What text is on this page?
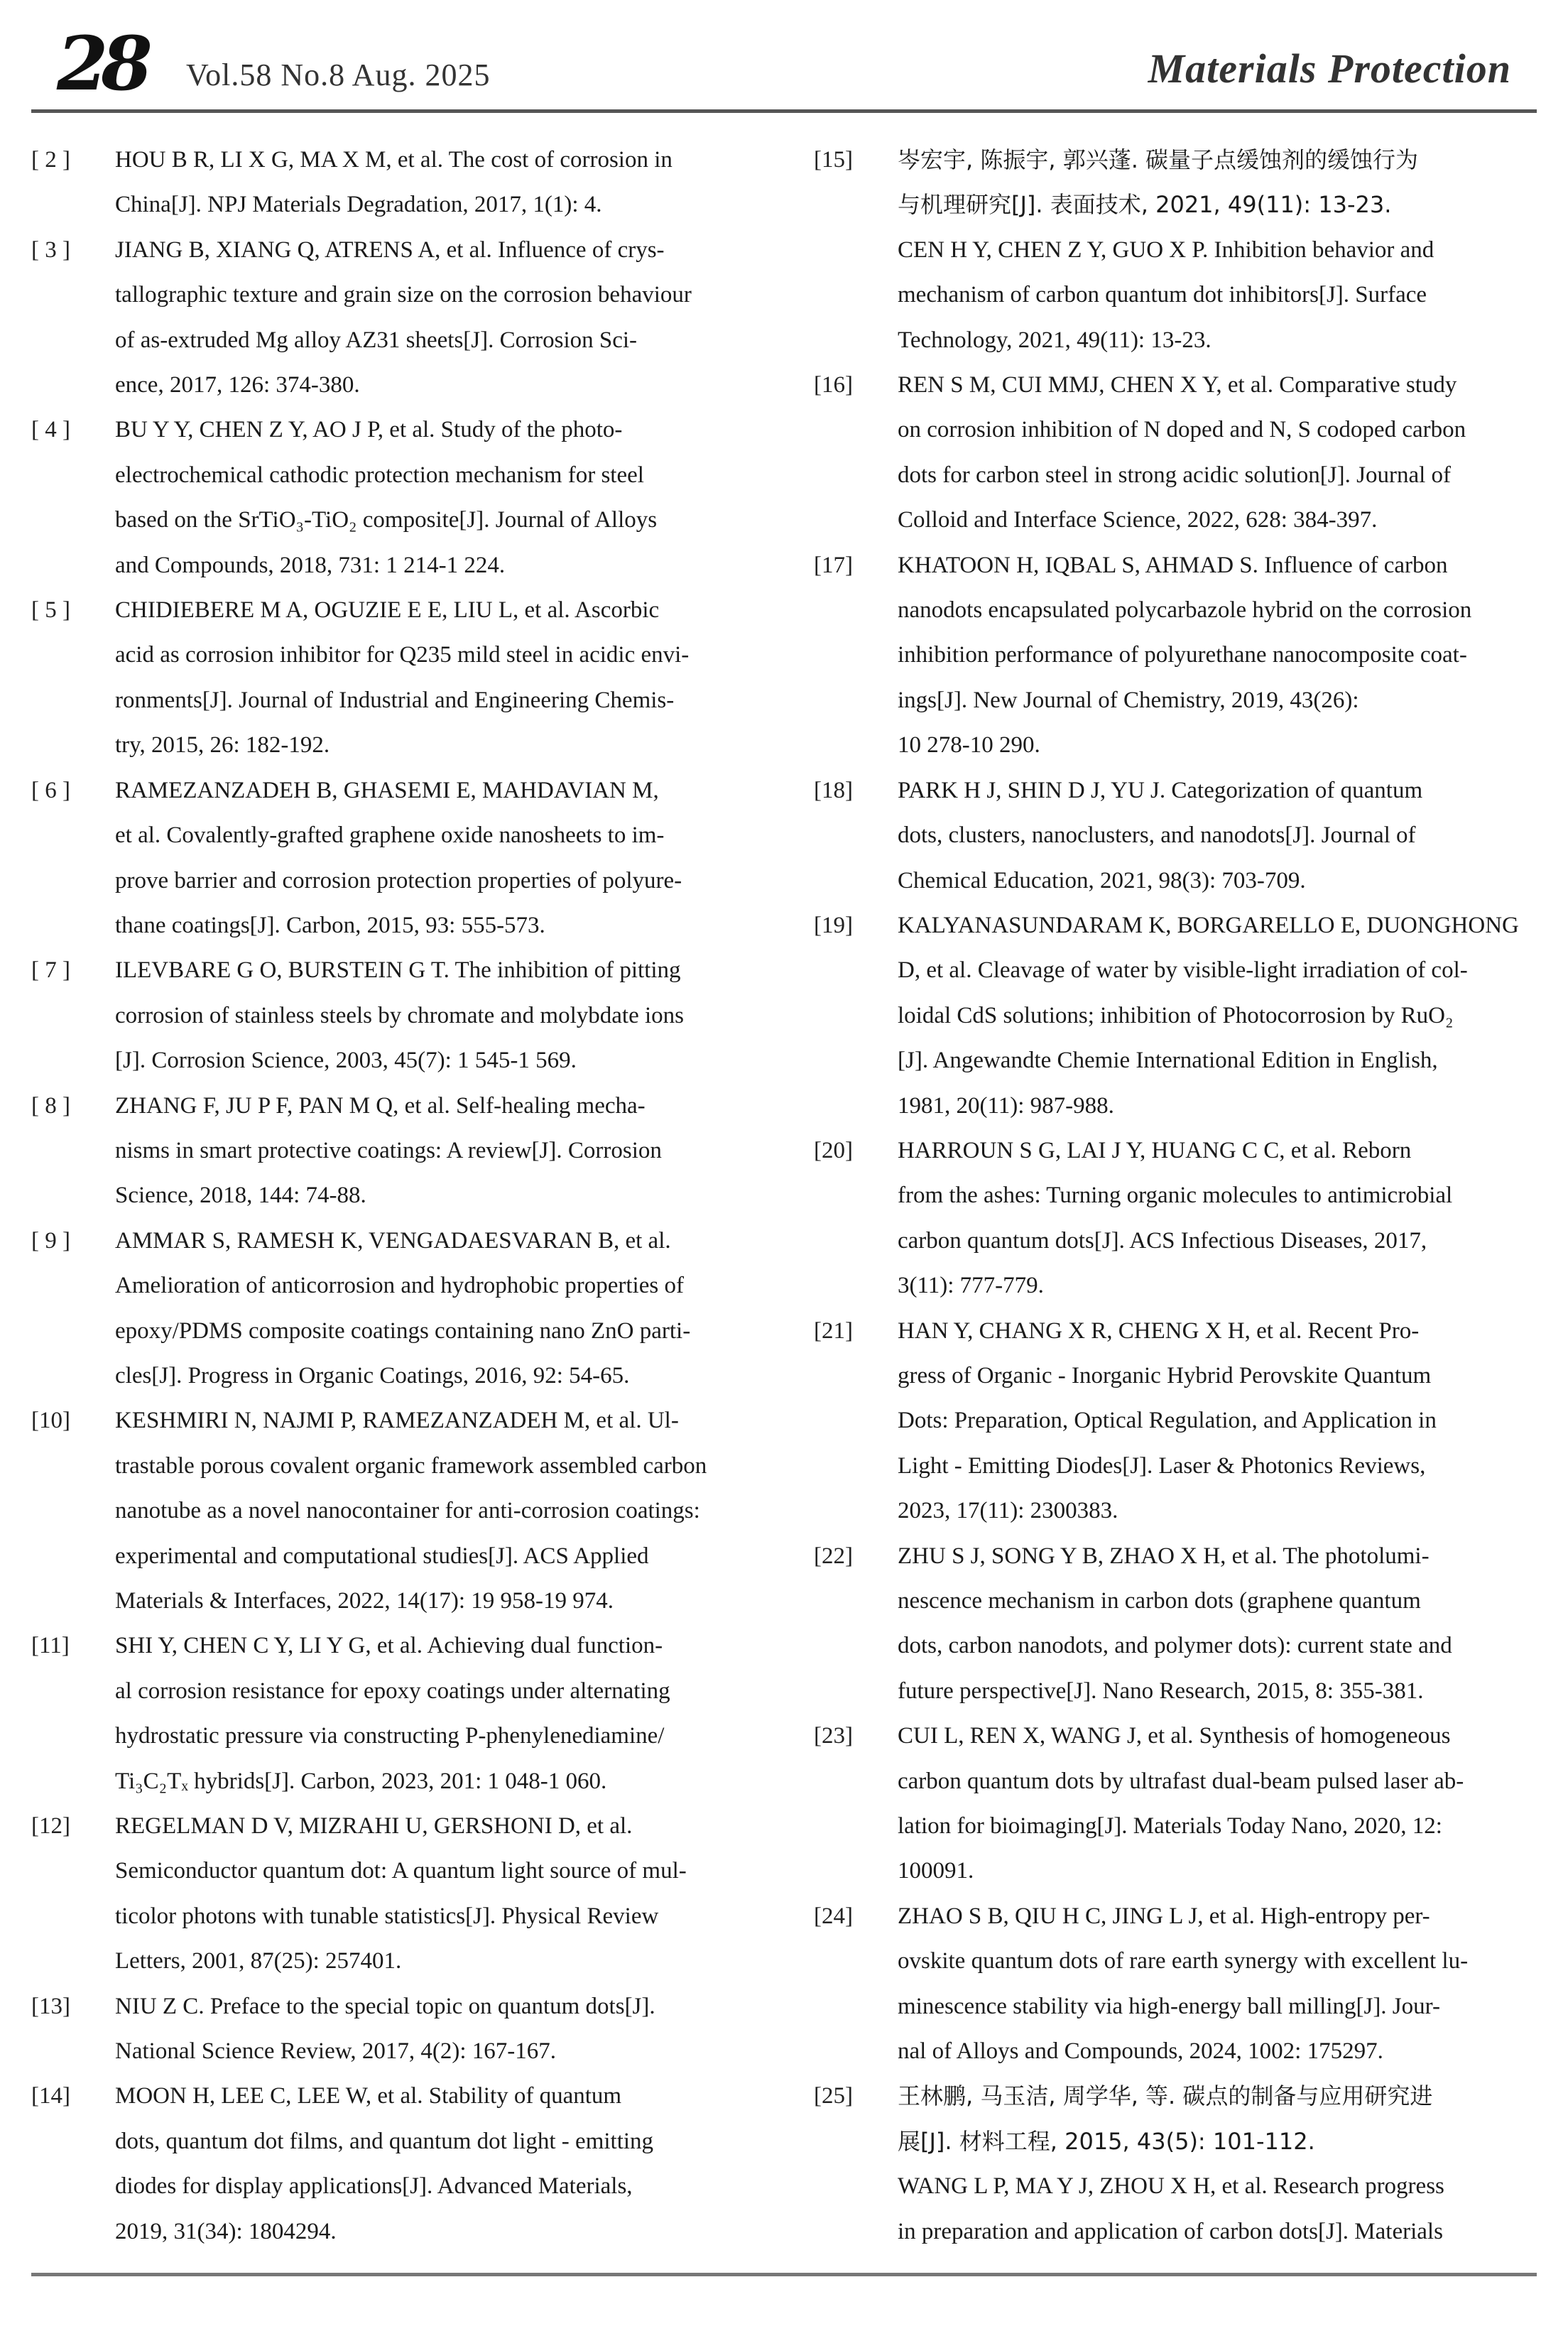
28 Vol.58 No.8 Aug. 2025	Materials Protection
[ 2 ]	HOU B R, LI X G, MA X M, et al. The cost of corrosion in
China[J]. NPJ Materials Degradation, 2017, 1(1): 4.
[ 3 ]	JIANG B, XIANG Q, ATRENS A, et al. Influence of crys-
tallographic texture and grain size on the corrosion behaviour
of as-extruded Mg alloy AZ31 sheets[J]. Corrosion Sci-
ence, 2017, 126: 374-380.
[ 4 ]	BU Y Y, CHEN Z Y, AO J P, et al. Study of the photo-
electrochemical cathodic protection mechanism for steel
based on the SrTiO₃-TiO₂ composite[J]. Journal of Alloys
and Compounds, 2018, 731: 1 214-1 224.
[ 5 ]	CHIDIEBERE M A, OGUZIE E E, LIU L, et al. Ascorbic
acid as corrosion inhibitor for Q235 mild steel in acidic envi-
ronments[J]. Journal of Industrial and Engineering Chemis-
try, 2015, 26: 182-192.
[ 6 ]	RAMEZANZADEH B, GHASEMI E, MAHDAVIAN M,
et al. Covalently-grafted graphene oxide nanosheets to im-
prove barrier and corrosion protection properties of polyure-
thane coatings[J]. Carbon, 2015, 93: 555-573.
[ 7 ]	ILEVBARE G O, BURSTEIN G T. The inhibition of pitting
corrosion of stainless steels by chromate and molybdate ions
[J]. Corrosion Science, 2003, 45(7): 1 545-1 569.
[ 8 ]	ZHANG F, JU P F, PAN M Q, et al. Self-healing mecha-
nisms in smart protective coatings: A review[J]. Corrosion
Science, 2018, 144: 74-88.
[ 9 ]	AMMAR S, RAMESH K, VENGADAESVARAN B, et al.
Amelioration of anticorrosion and hydrophobic properties of
epoxy/PDMS composite coatings containing nano ZnO parti-
cles[J]. Progress in Organic Coatings, 2016, 92: 54-65.
[10]	KESHMIRI N, NAJMI P, RAMEZANZADEH M, et al. Ul-
trastable porous covalent organic framework assembled carbon
nanotube as a novel nanocontainer for anti-corrosion coatings:
experimental and computational studies[J]. ACS Applied
Materials & Interfaces, 2022, 14(17): 19 958-19 974.
[11]	SHI Y, CHEN C Y, LI Y G, et al. Achieving dual function-
al corrosion resistance for epoxy coatings under alternating
hydrostatic pressure via constructing P-phenylenediamine/
Ti₃C₂Tₓ hybrids[J]. Carbon, 2023, 201: 1 048-1 060.
[12]	REGELMAN D V, MIZRAHI U, GERSHONI D, et al.
Semiconductor quantum dot: A quantum light source of mul-
ticolor photons with tunable statistics[J]. Physical Review
Letters, 2001, 87(25): 257401.
[13]	NIU Z C. Preface to the special topic on quantum dots[J].
National Science Review, 2017, 4(2): 167-167.
[14]	MOON H, LEE C, LEE W, et al. Stability of quantum
dots, quantum dot films, and quantum dot light - emitting
diodes for display applications[J]. Advanced Materials,
2019, 31(34): 1804294.
[15]	岑宏宇, 陈振宇, 郭兴蓬. 碳量子点缓蚀剂的缓蚀行为
与机理研究[J]. 表面技术, 2021, 49(11): 13-23.
CEN H Y, CHEN Z Y, GUO X P. Inhibition behavior and
mechanism of carbon quantum dot inhibitors[J]. Surface
Technology, 2021, 49(11): 13-23.
[16]	REN S M, CUI MMJ, CHEN X Y, et al. Comparative study
on corrosion inhibition of N doped and N, S codoped carbon
dots for carbon steel in strong acidic solution[J]. Journal of
Colloid and Interface Science, 2022, 628: 384-397.
[17]	KHATOON H, IQBAL S, AHMAD S. Influence of carbon
nanodots encapsulated polycarbazole hybrid on the corrosion
inhibition performance of polyurethane nanocomposite coat-
ings[J]. New Journal of Chemistry, 2019, 43(26):
10 278-10 290.
[18]	PARK H J, SHIN D J, YU J. Categorization of quantum
dots, clusters, nanoclusters, and nanodots[J]. Journal of
Chemical Education, 2021, 98(3): 703-709.
[19]	KALYANASUNDARAM K, BORGARELLO E, DUONGHONG
D, et al. Cleavage of water by visible-light irradiation of col-
loidal CdS solutions; inhibition of Photocorrosion by RuO₂
[J]. Angewandte Chemie International Edition in English,
1981, 20(11): 987-988.
[20]	HARROUN S G, LAI J Y, HUANG C C, et al. Reborn
from the ashes: Turning organic molecules to antimicrobial
carbon quantum dots[J]. ACS Infectious Diseases, 2017,
3(11): 777-779.
[21]	HAN Y, CHANG X R, CHENG X H, et al. Recent Pro-
gress of Organic - Inorganic Hybrid Perovskite Quantum
Dots: Preparation, Optical Regulation, and Application in
Light - Emitting Diodes[J]. Laser & Photonics Reviews,
2023, 17(11): 2300383.
[22]	ZHU S J, SONG Y B, ZHAO X H, et al. The photolumi-
nescence mechanism in carbon dots (graphene quantum
dots, carbon nanodots, and polymer dots): current state and
future perspective[J]. Nano Research, 2015, 8: 355-381.
[23]	CUI L, REN X, WANG J, et al. Synthesis of homogeneous
carbon quantum dots by ultrafast dual-beam pulsed laser ab-
lation for bioimaging[J]. Materials Today Nano, 2020, 12:
100091.
[24]	ZHAO S B, QIU H C, JING L J, et al. High-entropy per-
ovskite quantum dots of rare earth synergy with excellent lu-
minescence stability via high-energy ball milling[J]. Jour-
nal of Alloys and Compounds, 2024, 1002: 175297.
[25]	王林鹏, 马玉洁, 周学华, 等. 碳点的制备与应用研究进
展[J]. 材料工程, 2015, 43(5): 101-112.
WANG L P, MA Y J, ZHOU X H, et al. Research progress
in preparation and application of carbon dots[J]. Materials
